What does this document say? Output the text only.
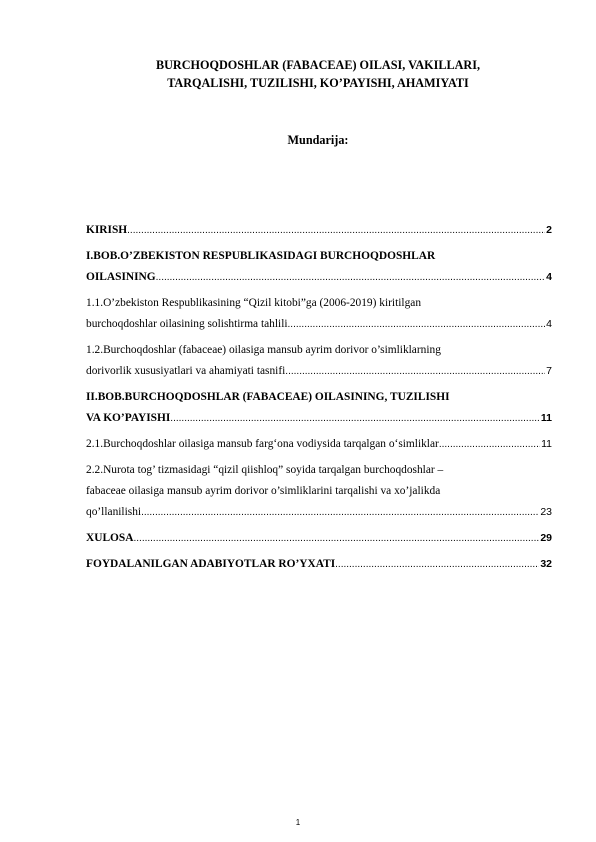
BURCHOQDOSHLAR (FABACEAE) OILASI, VAKILLARI,
TARQALISHI, TUZILISHI, KO’PAYISHI, AHAMIYATI
Mundarija:
KIRISH .....	2
I.BOB.O’ZBEKISTON RESPUBLIKASIDAGI BURCHOQDOSHLAR
OILASINING .....	4
1.1.O’zbekiston Respublikasining “Qizil kitobi”ga (2006-2019) kiritilgan
burchoqdoshlar oilasining solishtirma tahlili .....	4
1.2.Burchoqdoshlar (fabaceae) oilasiga mansub ayrim dorivor o’simliklarning
dorivorlik xususiyatlari va ahamiyati tasnifi .....	7
II.BOB.BURCHOQDOSHLAR (FABACEAE) OILASINING, TUZILISHI
VA KO’PAYISHI .....	11
2.1.Burchoqdoshlar oilasiga mansub farg‘ona vodiysida tarqalgan o‘simliklar .....	11
2.2.Nurota tog’ tizmasidagi “qizil qiishloq” soyida tarqalgan burchoqdoshlar –
fabaceae oilasiga mansub ayrim dorivor o’simliklarini tarqalishi va xo’jalikda
qo’llanilishi .....	23
XULOSA .....	29
FOYDALANILGAN ADABIYOTLAR RO’YXATI .....	32
1
